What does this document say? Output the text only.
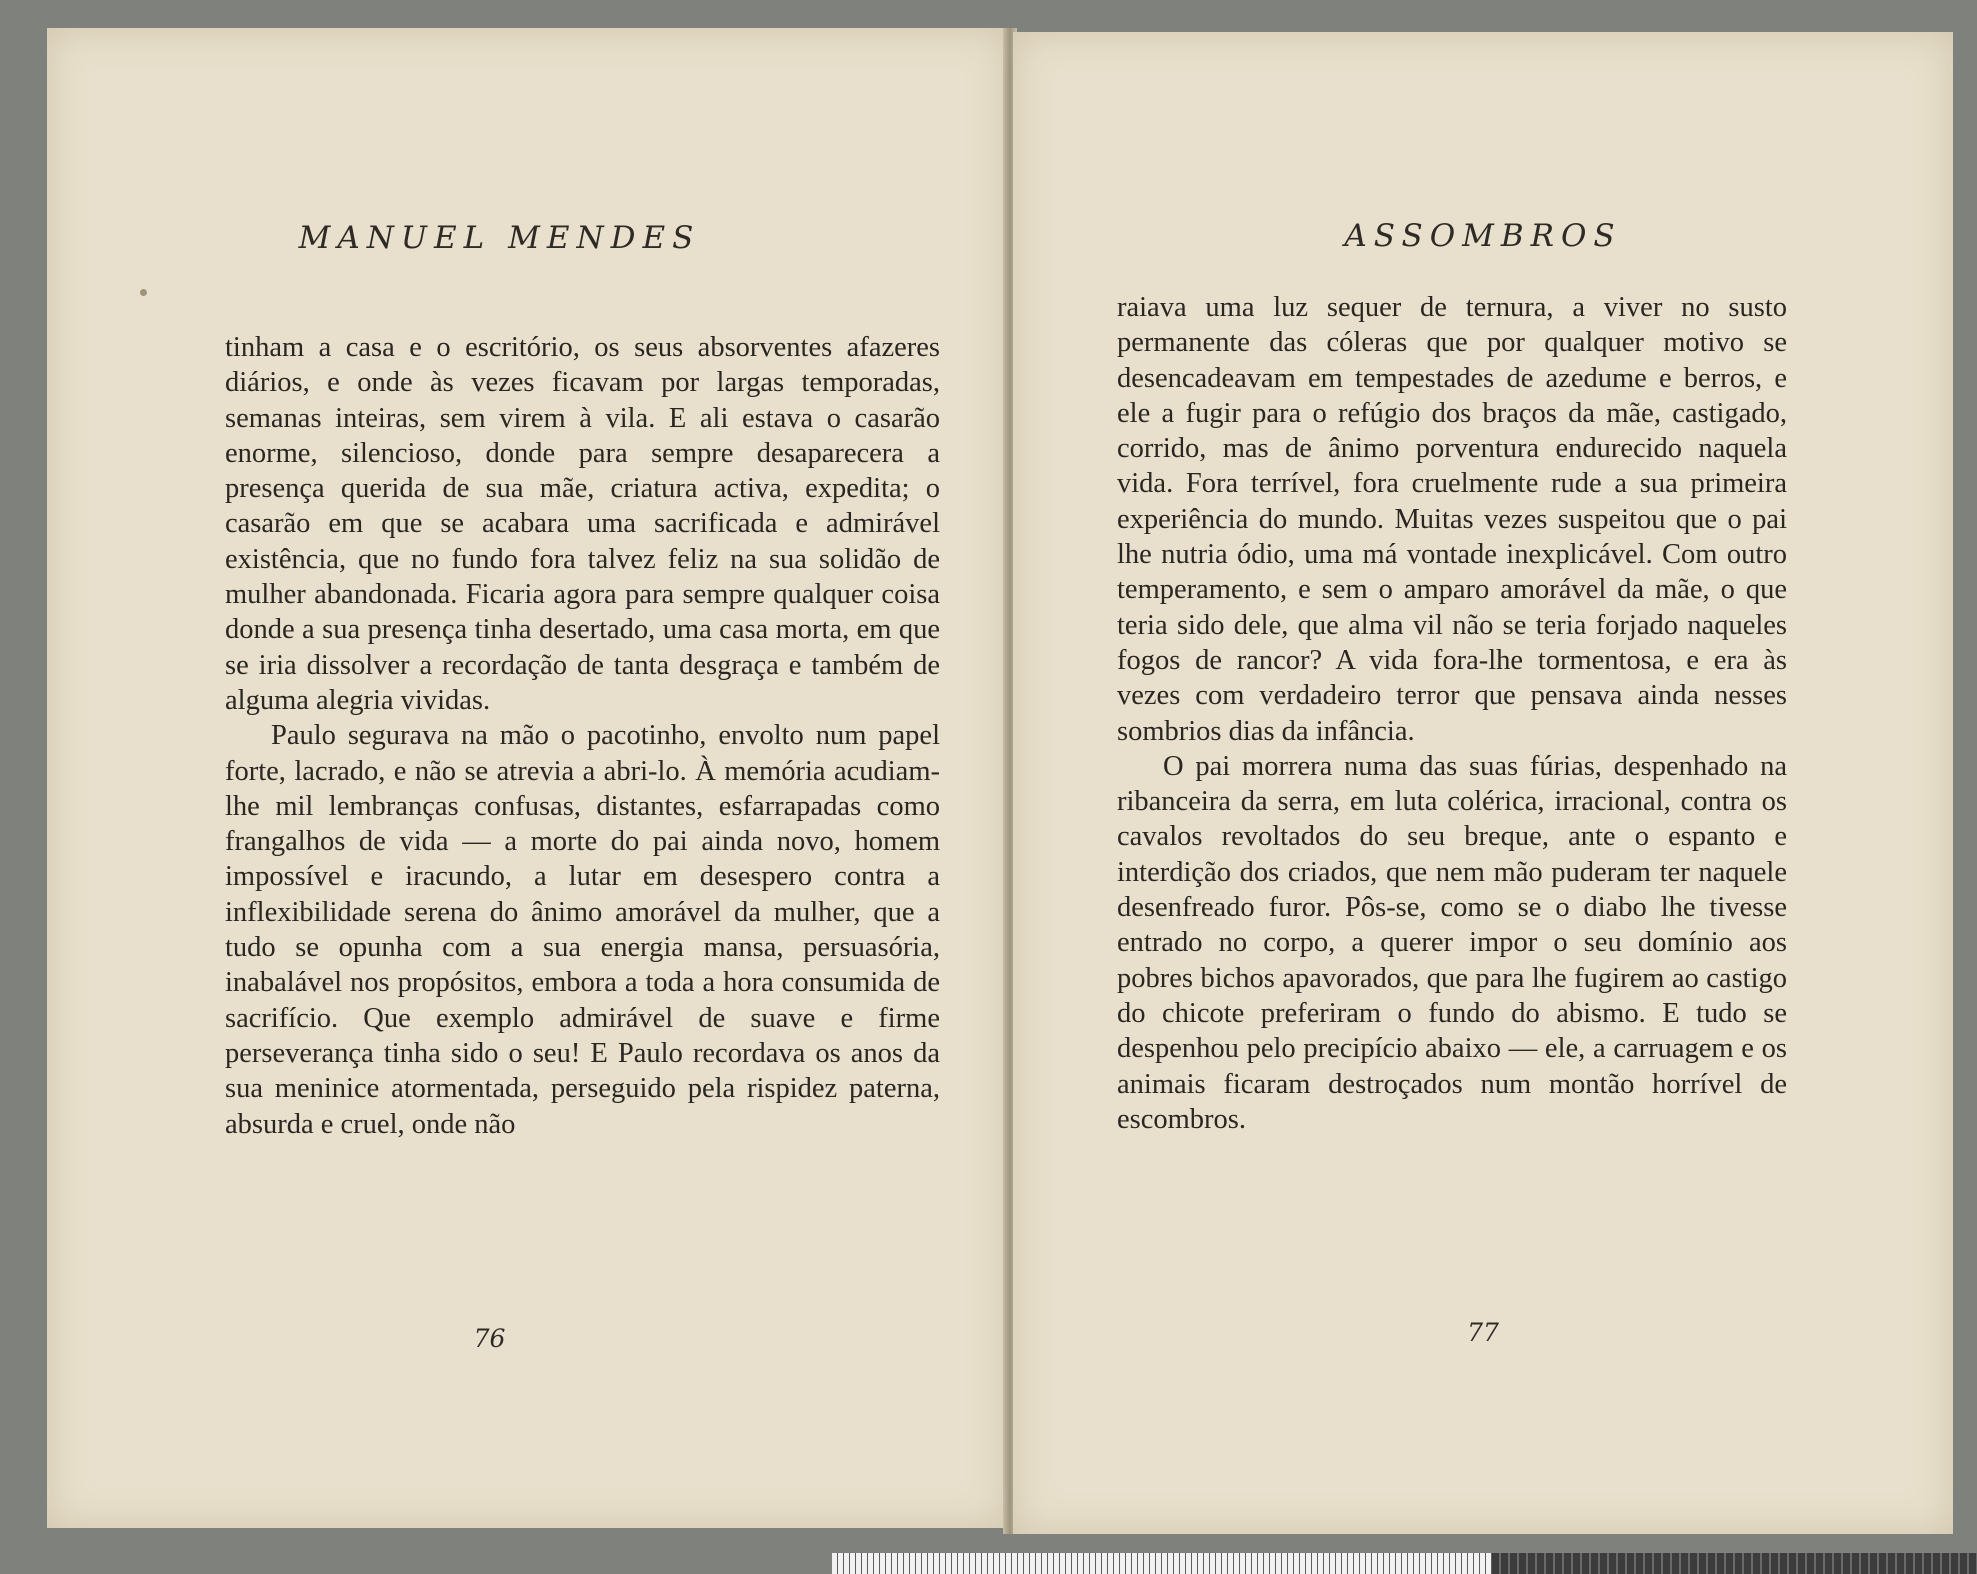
MANUEL MENDES

tinham a casa e o escritório, os seus absorventes afazeres diários, e onde às vezes ficavam por largas temporadas, semanas inteiras, sem virem à vila. E ali estava o casarão enorme, silencioso, donde para sempre desaparecera a presença querida de sua mãe, criatura activa, expedita; o casarão em que se acabara uma sacrificada e admirável existência, que no fundo fora talvez feliz na sua solidão de mulher abandonada. Ficaria agora para sempre qualquer coisa donde a sua presença tinha desertado, uma casa morta, em que se iria dissolver a recordação de tanta desgraça e também de alguma alegria vividas.

Paulo segurava na mão o pacotinho, envolto num papel forte, lacrado, e não se atrevia a abri-lo. À memória acudiam-lhe mil lembranças confusas, distantes, esfarrapadas como frangalhos de vida — a morte do pai ainda novo, homem impossível e iracundo, a lutar em desespero contra a inflexibilidade serena do ânimo amorável da mulher, que a tudo se opunha com a sua energia mansa, persuasória, inabalável nos propósitos, embora a toda a hora consumida de sacrifício. Que exemplo admirável de suave e firme perseverança tinha sido o seu! E Paulo recordava os anos da sua meninice atormentada, perseguido pela rispidez paterna, absurda e cruel, onde não

76
ASSOMBROS

raiava uma luz sequer de ternura, a viver no susto permanente das cóleras que por qualquer motivo se desencadeavam em tempestades de azedume e berros, e ele a fugir para o refúgio dos braços da mãe, castigado, corrido, mas de ânimo porventura endurecido naquela vida. Fora terrível, fora cruelmente rude a sua primeira experiência do mundo. Muitas vezes suspeitou que o pai lhe nutria ódio, uma má vontade inexplicável. Com outro temperamento, e sem o amparo amorável da mãe, o que teria sido dele, que alma vil não se teria forjado naqueles fogos de rancor? A vida fora-lhe tormentosa, e era às vezes com verdadeiro terror que pensava ainda nesses sombrios dias da infância.

O pai morrera numa das suas fúrias, despenhado na ribanceira da serra, em luta colérica, irracional, contra os cavalos revoltados do seu breque, ante o espanto e interdição dos criados, que nem mão puderam ter naquele desenfreado furor. Pôs-se, como se o diabo lhe tivesse entrado no corpo, a querer impor o seu domínio aos pobres bichos apavorados, que para lhe fugirem ao castigo do chicote preferiram o fundo do abismo. E tudo se despenhou pelo precipício abaixo — ele, a carruagem e os animais ficaram destroçados num montão horrível de escombros.

77
